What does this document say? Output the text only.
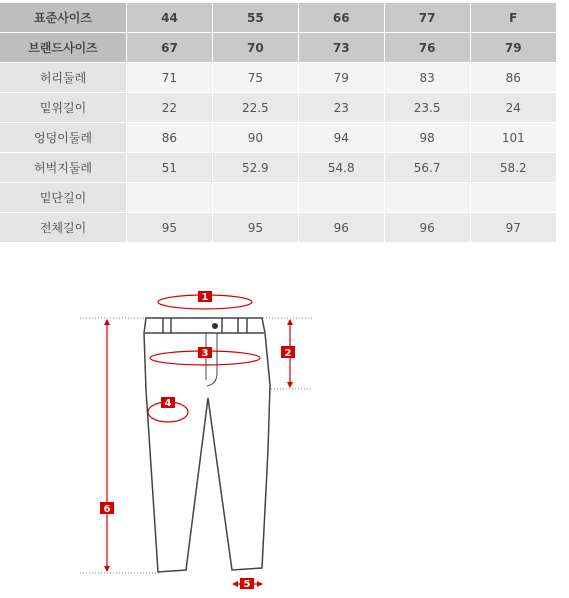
표준사이즈	44	55	66	77	F
브랜드사이즈	67	70	73	76	79
허리둘레	71	75	79	83	86
밑위길이	22	22.5	23	23.5	24
엉덩이둘레	86	90	94	98	101
허벅지둘레	51	52.9	54.8	56.7	58.2
밑단길이					
전체길이	95	95	96	96	97
1
3	2
4
6
5
